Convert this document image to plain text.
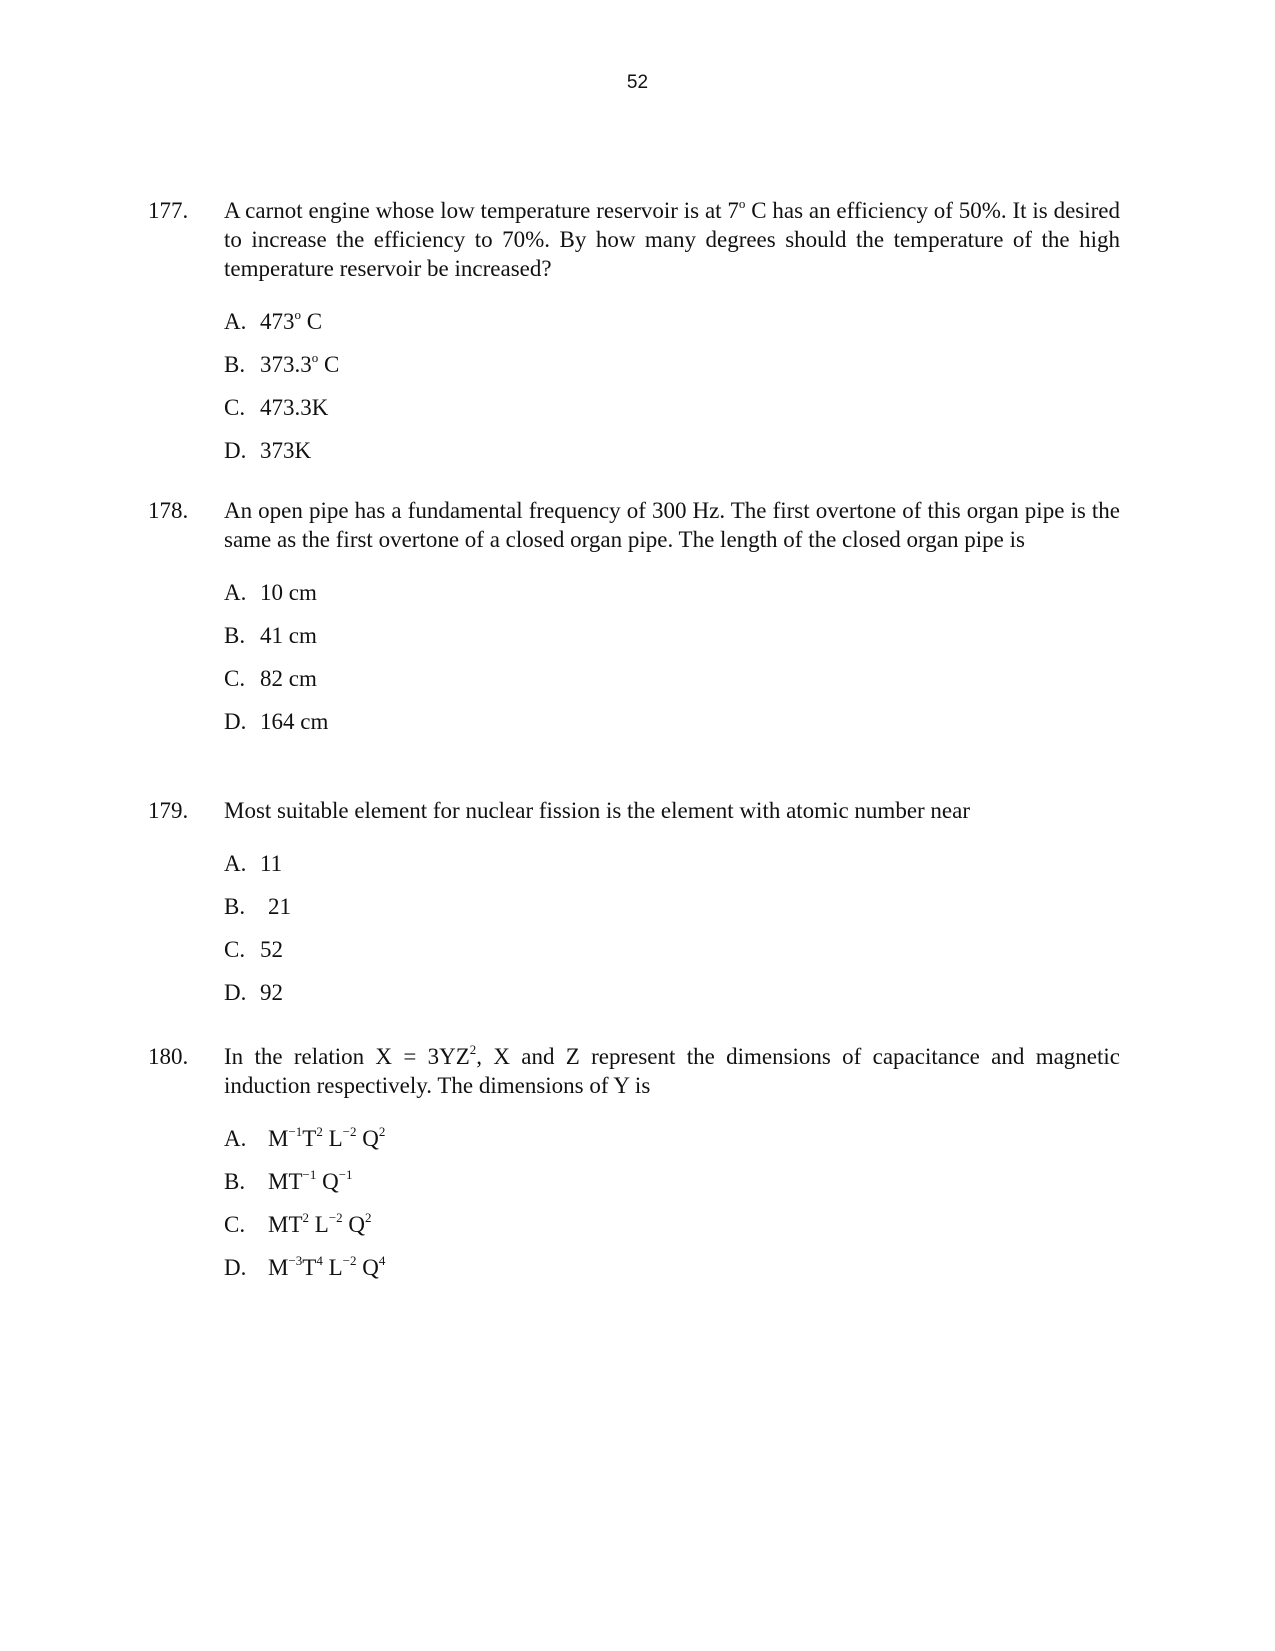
52
177.	A carnot engine whose low temperature reservoir is at 7$^o$ C has an efficiency of 50%. It is desired to increase the efficiency to 70%. By how many degrees should the temperature of the high temperature reservoir be increased?
A. 473$^o$ C
B. 373.3$^o$ C
C. 473.3K
D. 373K
178.	An open pipe has a fundamental frequency of 300 Hz. The first overtone of this organ pipe is the same as the first overtone of a closed organ pipe. The length of the closed organ pipe is
A. 10 cm
B. 41 cm
C. 82 cm
D. 164 cm
179.	Most suitable element for nuclear fission is the element with atomic number near
A. 11
B. 21
C. 52
D. 92
180.	In the relation $X = 3YZ^2$, X and Z represent the dimensions of capacitance and magnetic induction respectively. The dimensions of Y is
A. $M^{-1}T^2$ $L^{-2}$ $Q^2$
B. $MT^{-1}$ $Q^{-1}$
C. $MT^2$ $L^{-2}$ $Q^2$
D. $M^{-3}T^4$ $L^{-2}$ $Q^4$
